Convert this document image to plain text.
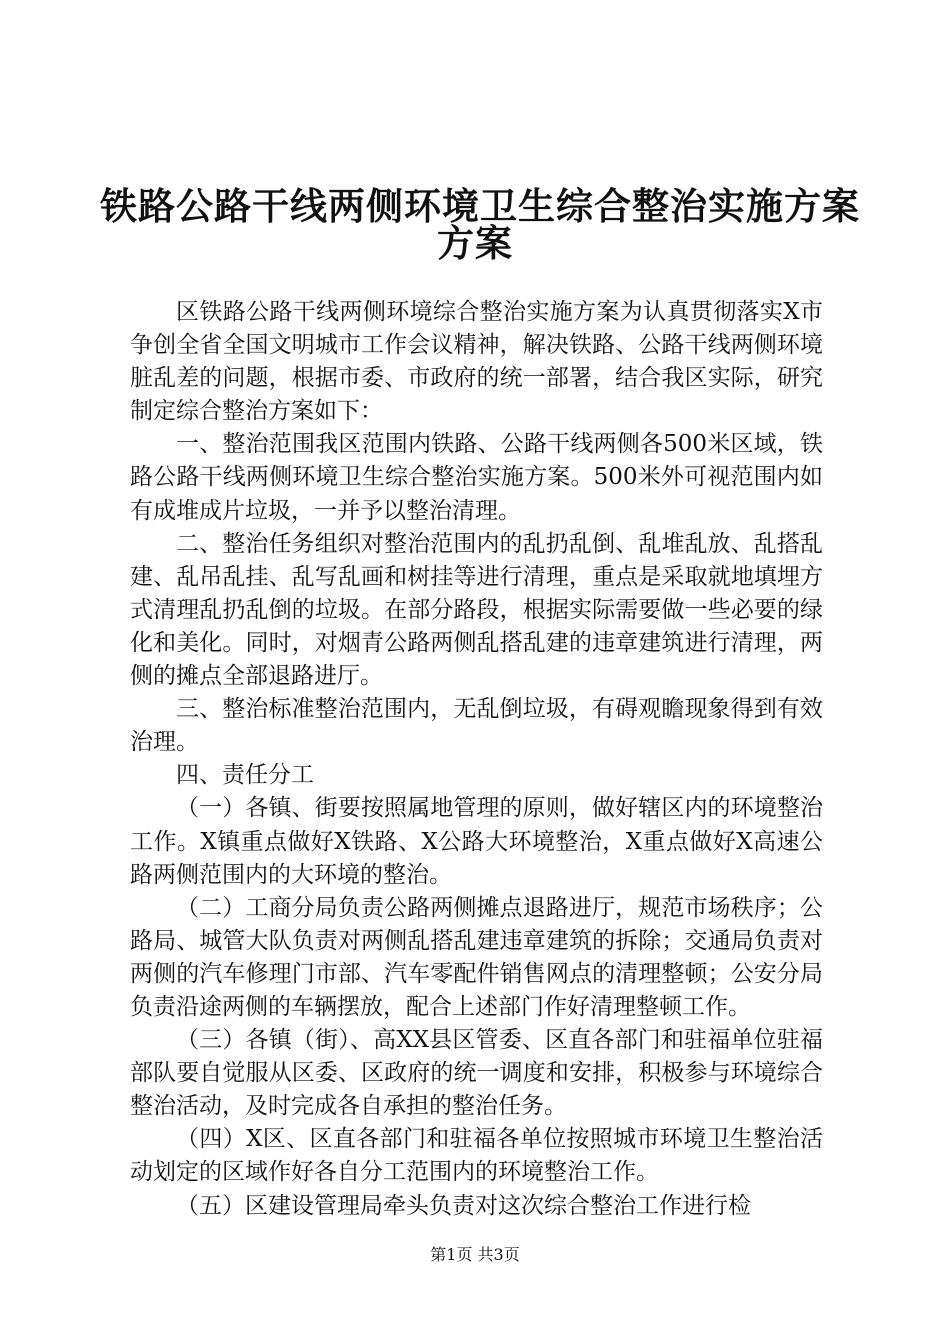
铁路公路干线两侧环境卫生综合整治实施方案
方案

区铁路公路干线两侧环境综合整治实施方案为认真贯彻落实X市争创全省全国文明城市工作会议精神，解决铁路、公路干线两侧环境脏乱差的问题，根据市委、市政府的统一部署，结合我区实际，研究制定综合整治方案如下：

一、整治范围我区范围内铁路、公路干线两侧各500米区域，铁路公路干线两侧环境卫生综合整治实施方案。500米外可视范围内如有成堆成片垃圾，一并予以整治清理。

二、整治任务组织对整治范围内的乱扔乱倒、乱堆乱放、乱搭乱建、乱吊乱挂、乱写乱画和树挂等进行清理，重点是采取就地填埋方式清理乱扔乱倒的垃圾。在部分路段，根据实际需要做一些必要的绿化和美化。同时，对烟青公路两侧乱搭乱建的违章建筑进行清理，两侧的摊点全部退路进厅。

三、整治标准整治范围内，无乱倒垃圾，有碍观瞻现象得到有效治理。

四、责任分工

（一）各镇、街要按照属地管理的原则，做好辖区内的环境整治工作。X镇重点做好X铁路、X公路大环境整治，X重点做好X高速公路两侧范围内的大环境的整治。

（二）工商分局负责公路两侧摊点退路进厅，规范市场秩序；公路局、城管大队负责对两侧乱搭乱建违章建筑的拆除；交通局负责对两侧的汽车修理门市部、汽车零配件销售网点的清理整顿；公安分局负责沿途两侧的车辆摆放，配合上述部门作好清理整顿工作。

（三）各镇（街）、高XX县区管委、区直各部门和驻福单位驻福部队要自觉服从区委、区政府的统一调度和安排，积极参与环境综合整治活动，及时完成各自承担的整治任务。

（四）X区、区直各部门和驻福各单位按照城市环境卫生整治活动划定的区域作好各自分工范围内的环境整治工作。

（五）区建设管理局牵头负责对这次综合整治工作进行检

第1页 共3页
